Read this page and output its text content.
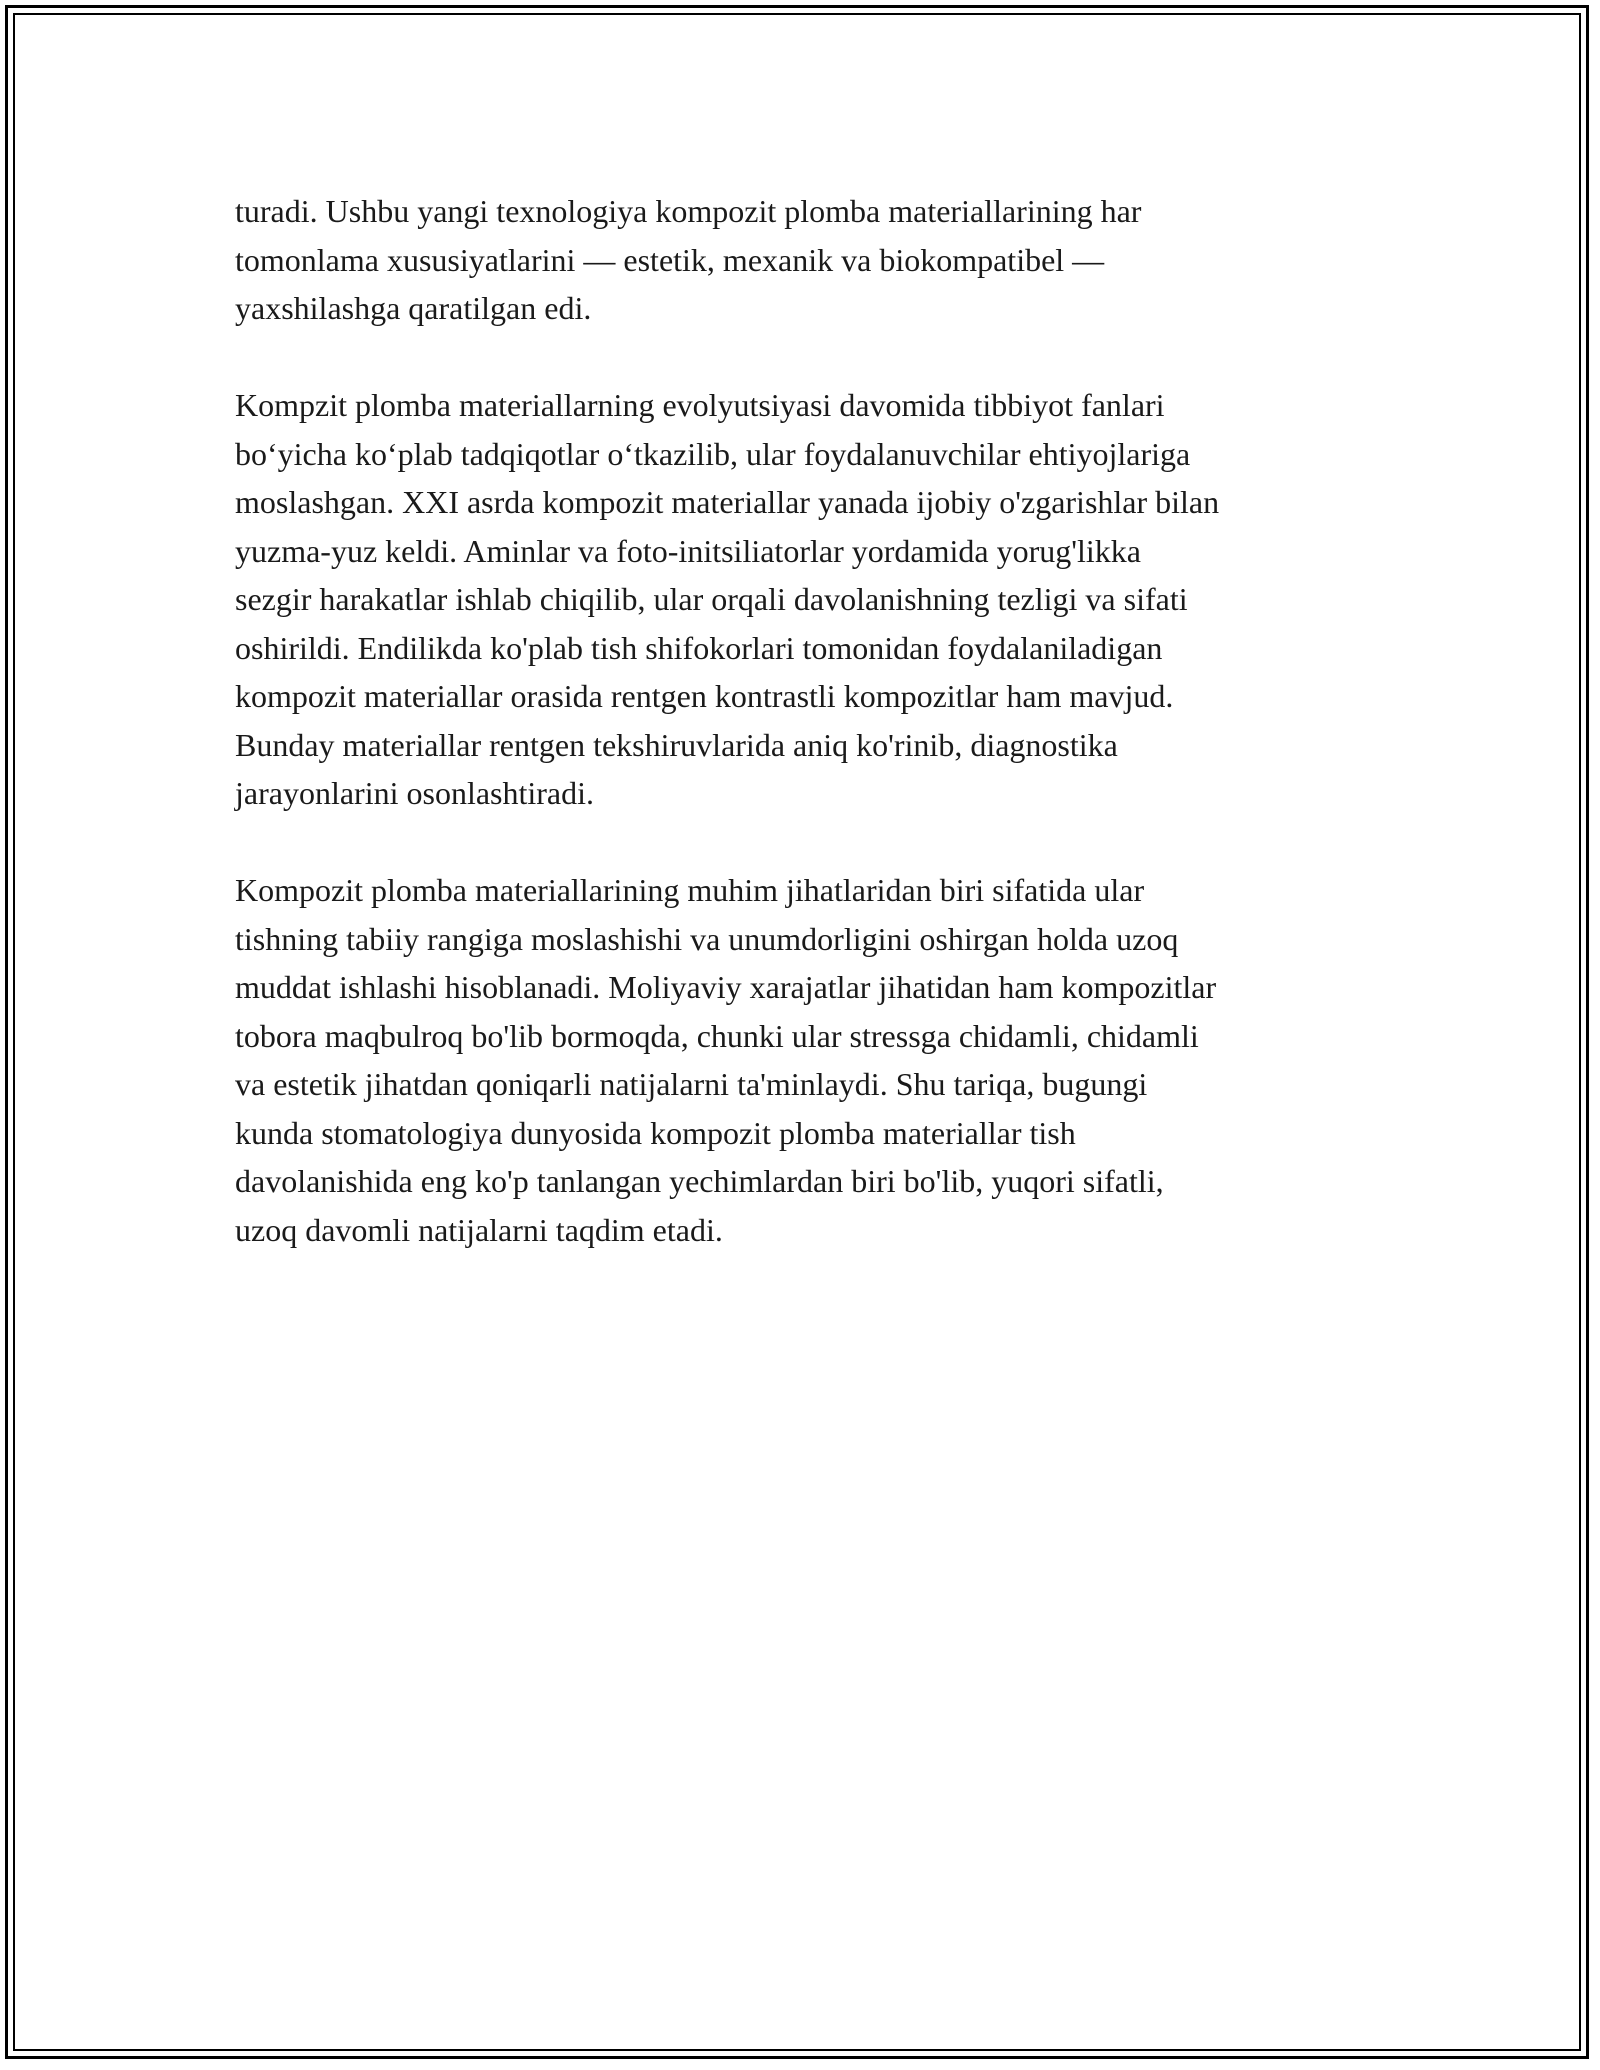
turadi. Ushbu yangi texnologiya kompozit plomba materiallarining har
tomonlama xususiyatlarini — estetik, mexanik va biokompatibel —
yaxshilashga qaratilgan edi.

Kompzit plomba materiallarning evolyutsiyasi davomida tibbiyot fanlari
bo‘yicha ko‘plab tadqiqotlar o‘tkazilib, ular foydalanuvchilar ehtiyojlariga
moslashgan. XXI asrda kompozit materiallar yanada ijobiy o'zgarishlar bilan
yuzma-yuz keldi. Aminlar va foto-initsiliatorlar yordamida yorug'likka
sezgir harakatlar ishlab chiqilib, ular orqali davolanishning tezligi va sifati
oshirildi. Endilikda ko'plab tish shifokorlari tomonidan foydalaniladigan
kompozit materiallar orasida rentgen kontrastli kompozitlar ham mavjud.
Bunday materiallar rentgen tekshiruvlarida aniq ko'rinib, diagnostika
jarayonlarini osonlashtiradi.

Kompozit plomba materiallarining muhim jihatlaridan biri sifatida ular
tishning tabiiy rangiga moslashishi va unumdorligini oshirgan holda uzoq
muddat ishlashi hisoblanadi. Moliyaviy xarajatlar jihatidan ham kompozitlar
tobora maqbulroq bo'lib bormoqda, chunki ular stressga chidamli, chidamli
va estetik jihatdan qoniqarli natijalarni ta'minlaydi. Shu tariqa, bugungi
kunda stomatologiya dunyosida kompozit plomba materiallar tish
davolanishida eng ko'p tanlangan yechimlardan biri bo'lib, yuqori sifatli,
uzoq davomli natijalarni taqdim etadi.
